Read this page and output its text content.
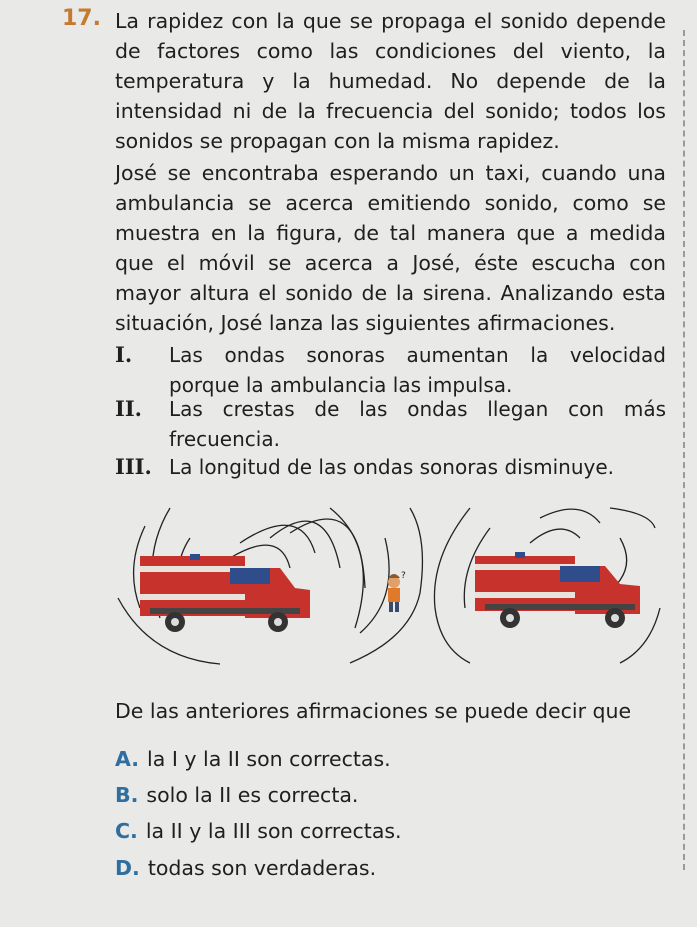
17. La rapidez con la que se propaga el sonido depende de factores como las condiciones del viento, la temperatura y la humedad. No depende de la intensidad ni de la frecuencia del sonido; todos los sonidos se propagan con la misma rapidez.
José se encontraba esperando un taxi, cuando una ambulancia se acerca emitiendo sonido, como se muestra en la figura, de tal manera que a medida que el móvil se acerca a José, éste escucha con mayor altura el sonido de la sirena. Analizando esta situación, José lanza las siguientes afirmaciones.
I. Las ondas sonoras aumentan la velocidad porque la ambulancia las impulsa.
II. Las crestas de las ondas llegan con más frecuencia.
III. La longitud de las ondas sonoras disminuye.
?
De las anteriores afirmaciones se puede decir que
A. la I y la II son correctas.
B. solo la II es correcta.
C. la II y la III son correctas.
D. todas son verdaderas.
